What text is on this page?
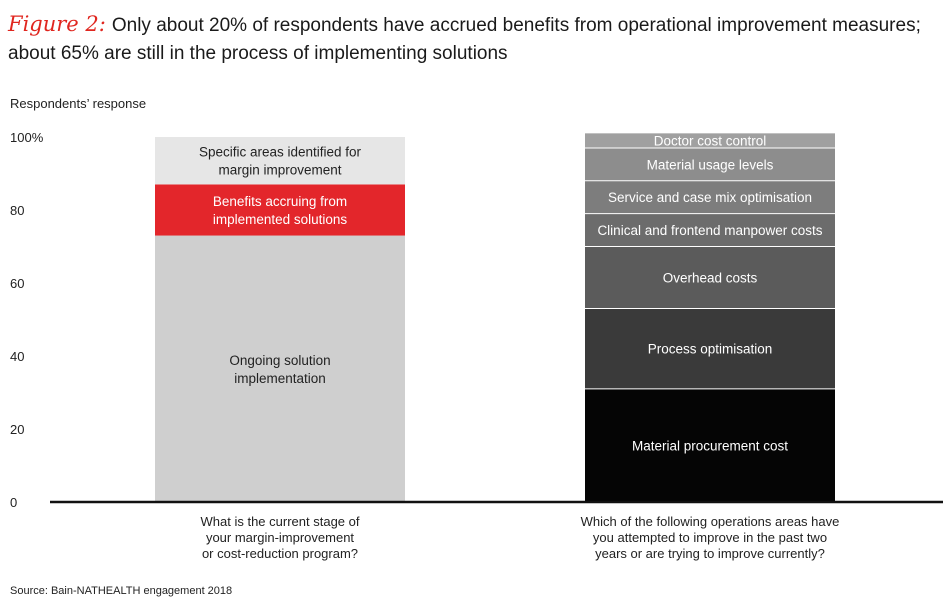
Figure 2: Only about 20% of respondents have accrued benefits from operational improvement measures; about 65% are still in the process of implementing solutions
Respondents’ response
0
20
40
60
80
100%
Ongoing solution
implementation
Benefits accruing from
implemented solutions
Specific areas identified for
margin improvement
Material procurement cost
Process optimisation
Overhead costs
Clinical and frontend manpower costs
Service and case mix optimisation
Material usage levels
Doctor cost control
What is the current stage of
your margin-improvement
or cost-reduction program?
Which of the following operations areas have
you attempted to improve in the past two
years or are trying to improve currently?
Source: Bain-NATHEALTH engagement 2018
